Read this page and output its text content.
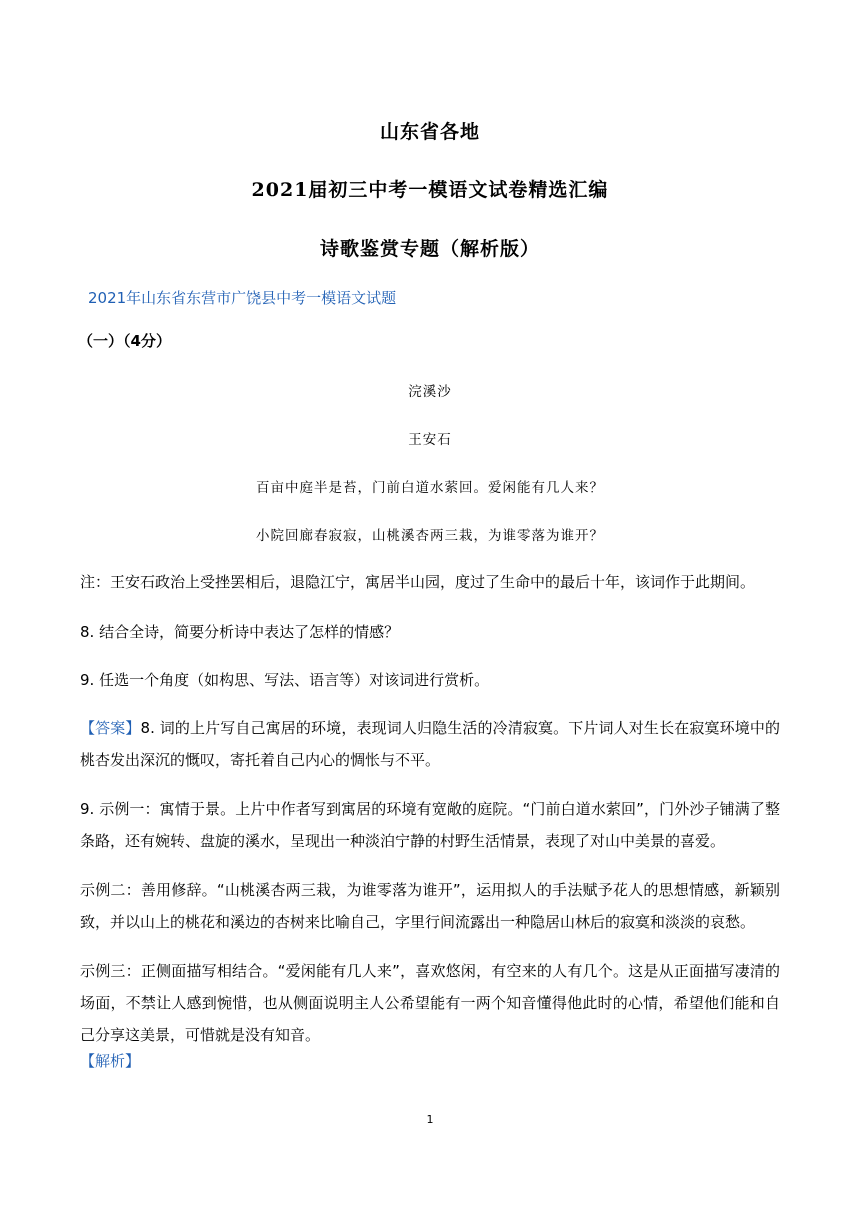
山东省各地
2021届初三中考一模语文试卷精选汇编
诗歌鉴赏专题（解析版）
2021年山东省东营市广饶县中考一模语文试题
（一）（4分）
浣溪沙
王安石
百亩中庭半是苔，门前白道水萦回。爱闲能有几人来？
小院回廊春寂寂，山桃溪杏两三栽，为谁零落为谁开？
注：王安石政治上受挫罢相后，退隐江宁，寓居半山园，度过了生命中的最后十年，该词作于此期间。
8. 结合全诗，简要分析诗中表达了怎样的情感？
9. 任选一个角度（如构思、写法、语言等）对该词进行赏析。
【答案】8. 词的上片写自己寓居的环境，表现词人归隐生活的冷清寂寞。下片词人对生长在寂寞环境中的桃杏发出深沉的慨叹，寄托着自己内心的惆怅与不平。
9. 示例一：寓情于景。上片中作者写到寓居的环境有宽敞的庭院。“门前白道水萦回”，门外沙子铺满了整条路，还有婉转、盘旋的溪水，呈现出一种淡泊宁静的村野生活情景，表现了对山中美景的喜爱。
示例二：善用修辞。“山桃溪杏两三栽，为谁零落为谁开”，运用拟人的手法赋予花人的思想情感，新颖别致，并以山上的桃花和溪边的杏树来比喻自己，字里行间流露出一种隐居山林后的寂寞和淡淡的哀愁。
示例三：正侧面描写相结合。“爱闲能有几人来”，喜欢悠闲，有空来的人有几个。这是从正面描写凄清的场面，不禁让人感到惋惜，也从侧面说明主人公希望能有一两个知音懂得他此时的心情，希望他们能和自己分享这美景，可惜就是没有知音。
【解析】
1
